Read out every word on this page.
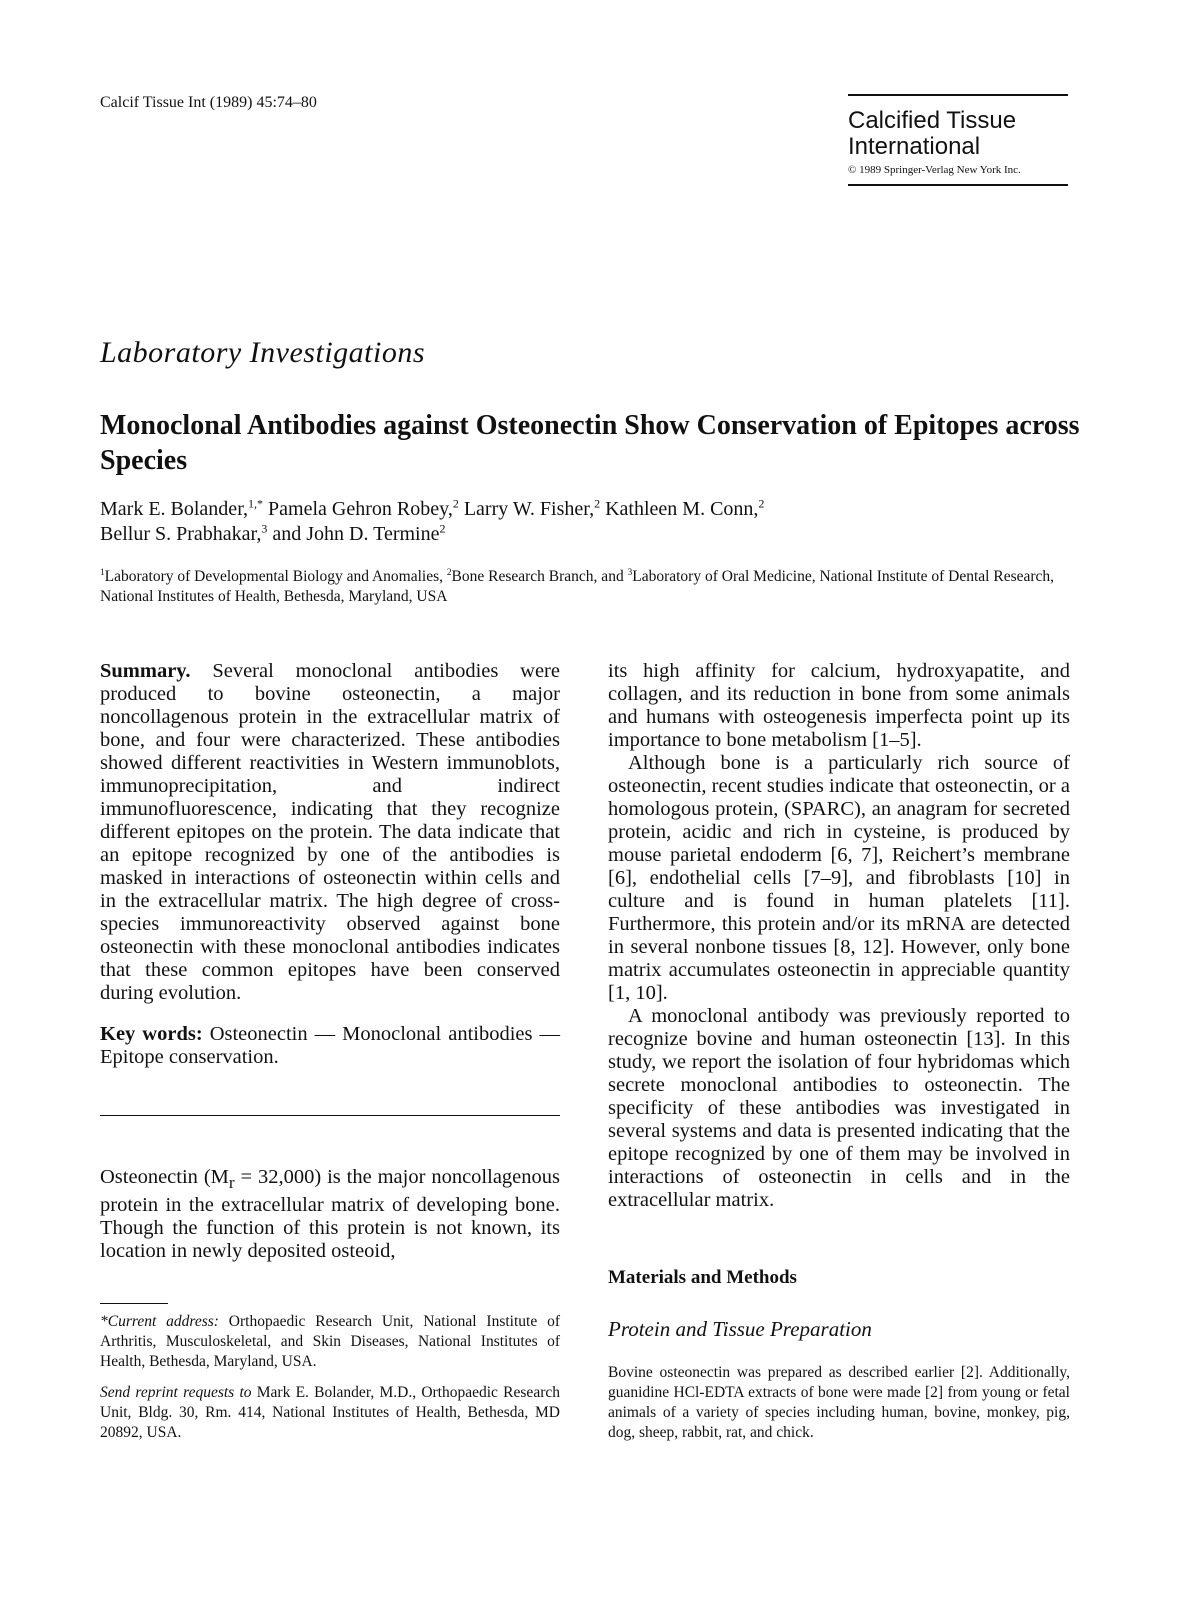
Calcif Tissue Int (1989) 45:74–80
Calcified Tissue International
© 1989 Springer-Verlag New York Inc.
Laboratory Investigations
Monoclonal Antibodies against Osteonectin Show Conservation of Epitopes across Species
Mark E. Bolander,$^{1,*}$ Pamela Gehron Robey,$^2$ Larry W. Fisher,$^2$ Kathleen M. Conn,$^2$
Bellur S. Prabhakar,$^3$ and John D. Termine$^2$
$^1$Laboratory of Developmental Biology and Anomalies, $^2$Bone Research Branch, and $^3$Laboratory of Oral Medicine, National Institute of Dental Research, National Institutes of Health, Bethesda, Maryland, USA

Summary. Several monoclonal antibodies were produced to bovine osteonectin, a major noncollagenous protein in the extracellular matrix of bone, and four were characterized. These antibodies showed different reactivities in Western immunoblots, immunoprecipitation, and indirect immunofluorescence, indicating that they recognize different epitopes on the protein. The data indicate that an epitope recognized by one of the antibodies is masked in interactions of osteonectin within cells and in the extracellular matrix. The high degree of cross-species immunoreactivity observed against bone osteonectin with these monoclonal antibodies indicates that these common epitopes have been conserved during evolution.

Key words: Osteonectin — Monoclonal antibodies — Epitope conservation.

Osteonectin $(M_r = 32,000)$ is the major noncollagenous protein in the extracellular matrix of developing bone. Though the function of this protein is not known, its location in newly deposited osteoid,

*Current address: Orthopaedic Research Unit, National Institute of Arthritis, Musculoskeletal, and Skin Diseases, National Institutes of Health, Bethesda, Maryland, USA.
Send reprint requests to Mark E. Bolander, M.D., Orthopaedic Research Unit, Bldg. 30, Rm. 414, National Institutes of Health, Bethesda, MD 20892, USA.

its high affinity for calcium, hydroxyapatite, and collagen, and its reduction in bone from some animals and humans with osteogenesis imperfecta point up its importance to bone metabolism [1–5].

Although bone is a particularly rich source of osteonectin, recent studies indicate that osteonectin, or a homologous protein, (SPARC), an anagram for secreted protein, acidic and rich in cysteine, is produced by mouse parietal endoderm [6, 7], Reichert’s membrane [6], endothelial cells [7–9], and fibroblasts [10] in culture and is found in human platelets [11]. Furthermore, this protein and/or its mRNA are detected in several nonbone tissues [8, 12]. However, only bone matrix accumulates osteonectin in appreciable quantity [1, 10].

A monoclonal antibody was previously reported to recognize bovine and human osteonectin [13]. In this study, we report the isolation of four hybridomas which secrete monoclonal antibodies to osteonectin. The specificity of these antibodies was investigated in several systems and data is presented indicating that the epitope recognized by one of them may be involved in interactions of osteonectin in cells and in the extracellular matrix.

Materials and Methods
Protein and Tissue Preparation
Bovine osteonectin was prepared as described earlier [2]. Additionally, guanidine HCl-EDTA extracts of bone were made [2] from young or fetal animals of a variety of species including human, bovine, monkey, pig, dog, sheep, rabbit, rat, and chick.
